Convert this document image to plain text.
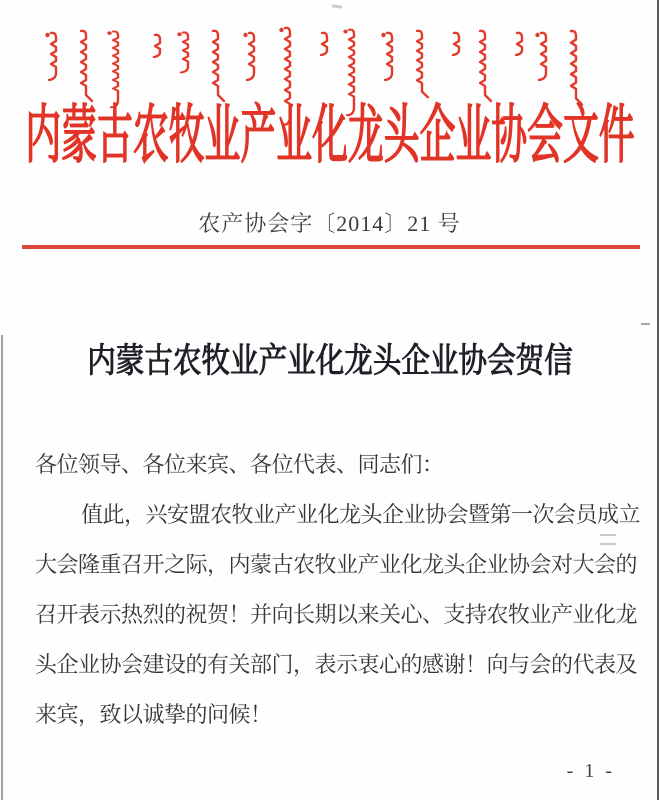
内蒙古农牧业产业化龙头企业协会文件
农产协会字〔2014〕21 号
内蒙古农牧业产业化龙头企业协会贺信
各位领导、各位来宾、各位代表、同志们：
值此，兴安盟农牧业产业化龙头企业协会暨第一次会员成立
大会隆重召开之际，内蒙古农牧业产业化龙头企业协会对大会的
召开表示热烈的祝贺！并向长期以来关心、支持农牧业产业化龙
头企业协会建设的有关部门，表示衷心的感谢！向与会的代表及
来宾，致以诚挚的问候！
- 1 -
